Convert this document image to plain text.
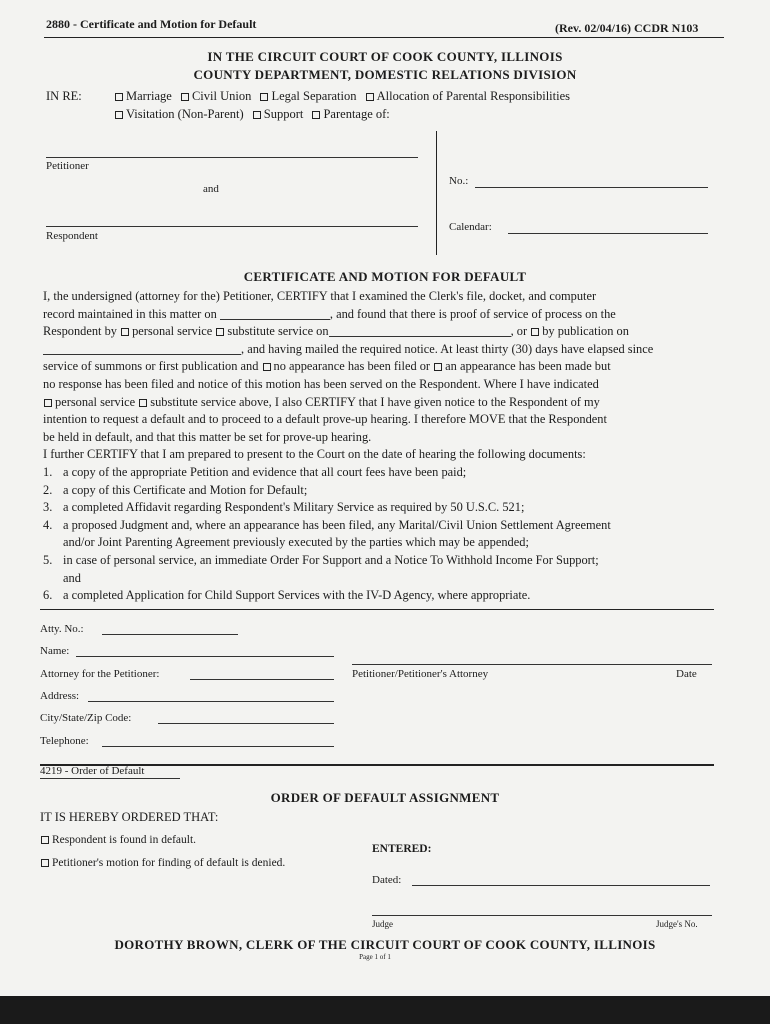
2880 - Certificate and Motion for Default	(Rev. 02/04/16) CCDR N103
IN THE CIRCUIT COURT OF COOK COUNTY, ILLINOIS
COUNTY DEPARTMENT, DOMESTIC RELATIONS DIVISION
IN RE:	Marriage Civil Union Legal Separation Allocation of Parental Responsibilities
Visitation (Non-Parent) Support Parentage of:
Petitioner
and
Respondent
No.:
Calendar:
CERTIFICATE AND MOTION FOR DEFAULT

I, the undersigned (attorney for the) Petitioner, CERTIFY that I examined the Clerk's file, docket, and computer

record maintained in this matter on	, and found that there is proof of service of process on the

Respondent by personal service substitute service on	, or by publication on

, and having mailed the required notice. At least thirty (30) days have elapsed since

service of summons or first publication and no appearance has been filed or an appearance has been made but

no response has been filed and notice of this motion has been served on the Respondent. Where I have indicated

personal service substitute service above, I also CERTIFY that I have given notice to the Respondent of my

intention to request a default and to proceed to a default prove-up hearing. I therefore MOVE that the Respondent

be held in default, and that this matter be set for prove-up hearing.

I further CERTIFY that I am prepared to present to the Court on the date of hearing the following documents:

1. a copy of the appropriate Petition and evidence that all court fees have been paid;

2. a copy of this Certificate and Motion for Default;

3. a completed Affidavit regarding Respondent's Military Service as required by 50 U.S.C. 521;

4. a proposed Judgment and, where an appearance has been filed, any Marital/Civil Union Settlement Agreement

and/or Joint Parenting Agreement previously executed by the parties which may be appended;

5. in case of personal service, an immediate Order For Support and a Notice To Withhold Income For Support;

and

6. a completed Application for Child Support Services with the IV-D Agency, where appropriate.

Atty. No.:
Name:
Attorney for the Petitioner:
Address:
City/State/Zip Code:
Telephone:
Petitioner/Petitioner's Attorney	Date
4219 - Order of Default
ORDER OF DEFAULT ASSIGNMENT
IT IS HEREBY ORDERED THAT:
Respondent is found in default.
Petitioner's motion for finding of default is denied.
ENTERED:
Dated:
Judge	Judge's No.
DOROTHY BROWN, CLERK OF THE CIRCUIT COURT OF COOK COUNTY, ILLINOIS
Page 1 of 1
